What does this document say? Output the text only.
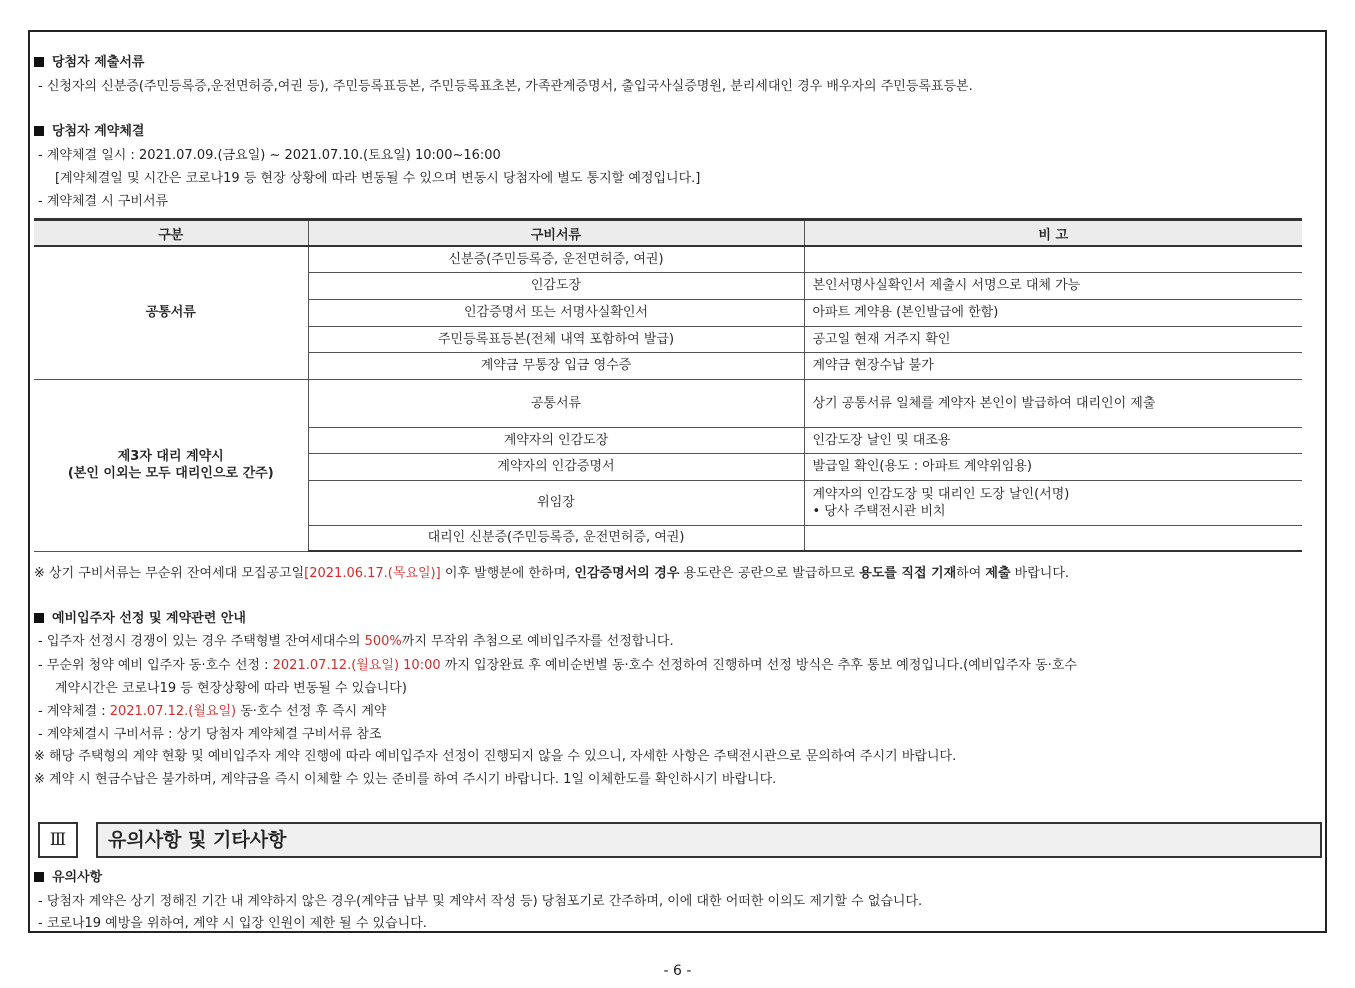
당첨자 제출서류
- 신청자의 신분증(주민등록증,운전면허증,여권 등), 주민등록표등본, 주민등록표초본, 가족관계증명서, 출입국사실증명원, 분리세대인 경우 배우자의 주민등록표등본.
당첨자 계약체결
- 계약체결 일시 : 2021.07.09.(금요일) ~ 2021.07.10.(토요일) 10:00~16:00
[계약체결일 및 시간은 코로나19 등 현장 상황에 따라 변동될 수 있으며 변동시 당첨자에 별도 통지할 예정입니다.]
- 계약체결 시 구비서류
구분	구비서류	비 고
공통서류	신분증(주민등록증, 운전면허증, 여권)	
	인감도장	본인서명사실확인서 제출시 서명으로 대체 가능
	인감증명서 또는 서명사실확인서	아파트 계약용 (본인발급에 한함)
	주민등록표등본(전체 내역 포함하여 발급)	공고일 현재 거주지 확인
	계약금 무통장 입금 영수증	계약금 현장수납 불가

제3자 대리 계약시
(본인 이외는 모두 대리인으로 간주)	공통서류	상기 공통서류 일체를 계약자 본인이 발급하여 대리인이 제출
	계약자의 인감도장	인감도장 날인 및 대조용
	계약자의 인감증명서	발급일 확인(용도 : 아파트 계약위임용)
	위임장	계약자의 인감도장 및 대리인 도장 날인(서명)
• 당사 주택전시관 비치

	대리인 신분증(주민등록증, 운전면허증, 여권)	
※ 상기 구비서류는 무순위 잔여세대 모집공고일[2021.06.17.(목요일)] 이후 발행분에 한하며, 인감증명서의 경우 용도란은 공란으로 발급하므로 용도를 직접 기재하여 제출 바랍니다.
예비입주자 선정 및 계약관련 안내
- 입주자 선정시 경쟁이 있는 경우 주택형별 잔여세대수의 500%까지 무작위 추첨으로 예비입주자를 선정합니다.
- 무순위 청약 예비 입주자 동·호수 선정 : 2021.07.12.(월요일) 10:00 까지 입장완료 후 예비순번별 동·호수 선정하여 진행하며 선정 방식은 추후 통보 예정입니다.(예비입주자 동·호수
계약시간은 코로나19 등 현장상황에 따라 변동될 수 있습니다)
- 계약체결 : 2021.07.12.(월요일) 동·호수 선정 후 즉시 계약
- 계약체결시 구비서류 : 상기 당첨자 계약체결 구비서류 참조
※ 해당 주택형의 계약 현황 및 예비입주자 계약 진행에 따라 예비입주자 선정이 진행되지 않을 수 있으니, 자세한 사항은 주택전시관으로 문의하여 주시기 바랍니다.
※ 계약 시 현금수납은 불가하며, 계약금을 즉시 이체할 수 있는 준비를 하여 주시기 바랍니다. 1일 이체한도를 확인하시기 바랍니다.
Ⅲ	유의사항 및 기타사항
유의사항
- 당첨자 계약은 상기 정해진 기간 내 계약하지 않은 경우(계약금 납부 및 계약서 작성 등) 당첨포기로 간주하며, 이에 대한 어떠한 이의도 제기할 수 없습니다.
- 코로나19 예방을 위하여, 계약 시 입장 인원이 제한 될 수 있습니다.
- 6 -
